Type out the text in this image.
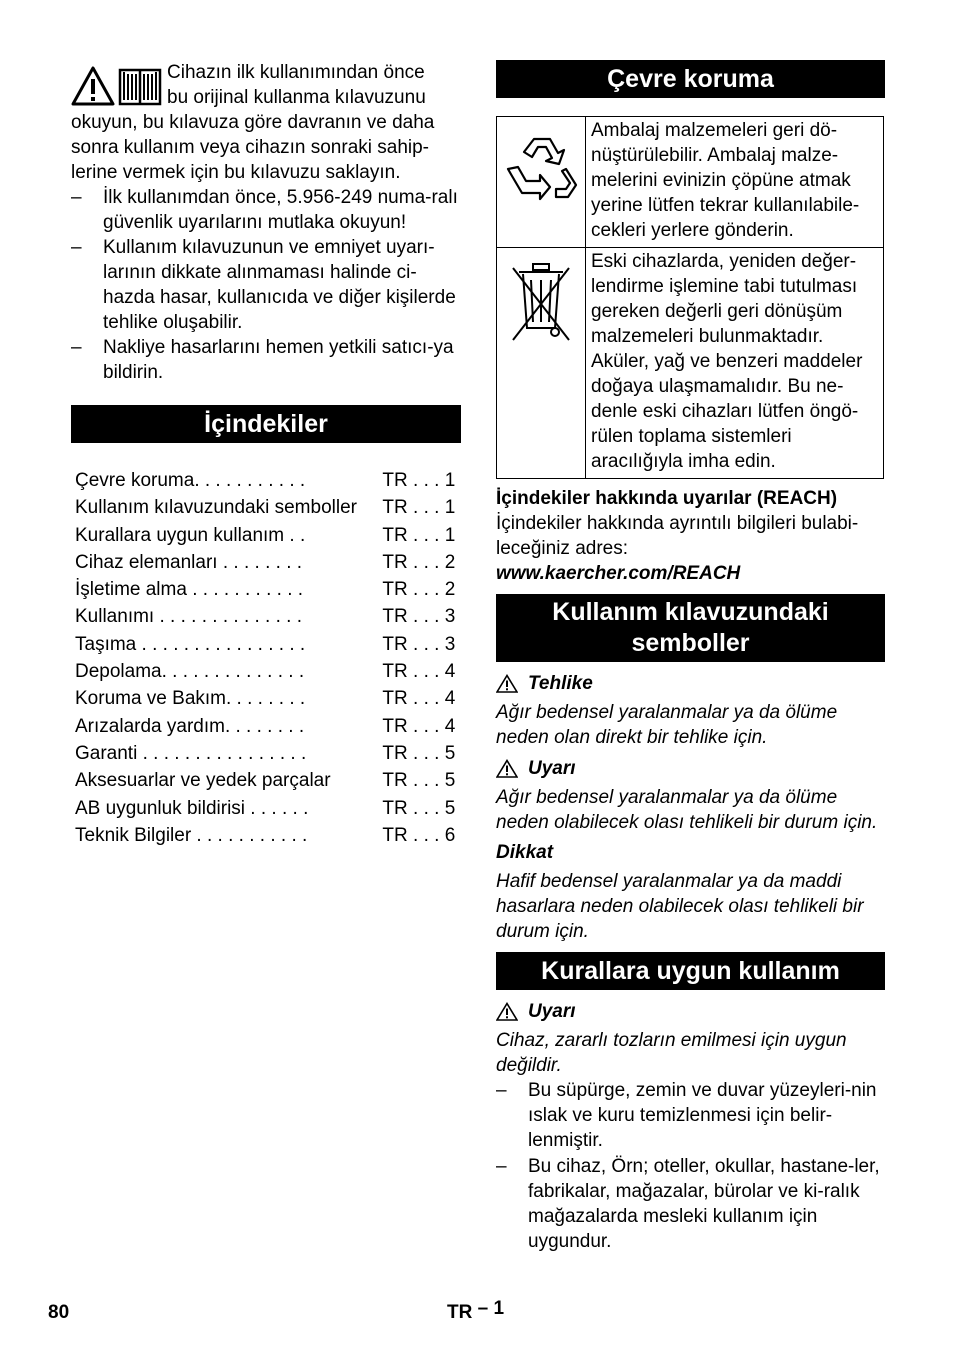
Cihazın ilk kullanımından önce
bu orijinal kullanma kılavuzunu okuyun, bu kılavuza göre davranın ve daha sonra kullanım veya cihazın sonraki sahip-lerine vermek için bu kılavuzu saklayın.

– İlk kullanımdan önce, 5.956-249 numa-ralı güvenlik uyarılarını mutlaka okuyun!
– Kullanım kılavuzunun ve emniyet uyarı-larının dikkate alınmaması halinde ci-hazda hasar, kullanıcıda ve diğer kişilerde tehlike oluşabilir.
– Nakliye hasarlarını hemen yetkili satıcı-ya bildirin.
İçindekiler
Çevre koruma. . . . . . . . . . .	TR . . . 1
Kullanım kılavuzundaki semboller	TR . . . 1
Kurallara uygun kullanım . .	TR . . . 1
Cihaz elemanları . . . . . . . .	TR . . . 2
İşletime alma . . . . . . . . . . .	TR . . . 2
Kullanımı . . . . . . . . . . . . . .	TR . . . 3
Taşıma . . . . . . . . . . . . . . . .	TR . . . 3
Depolama. . . . . . . . . . . . . .	TR . . . 4
Koruma ve Bakım. . . . . . . .	TR . . . 4
Arızalarda yardım. . . . . . . .	TR . . . 4
Garanti . . . . . . . . . . . . . . . .	TR . . . 5
Aksesuarlar ve yedek parçalar	TR . . . 5
AB uygunluk bildirisi . . . . . .	TR . . . 5
Teknik Bilgiler . . . . . . . . . . .	TR . . . 6
Çevre koruma
	Ambalaj malzemeleri geri dö-nüştürülebilir. Ambalaj malze-melerini evinizin çöpüne atmak yerine lütfen tekrar kullanılabile-cekleri yerlere gönderin.

	Eski cihazlarda, yeniden değer-lendirme işlemine tabi tutulması gereken değerli geri dönüşüm malzemeleri bulunmaktadır. Aküler, yağ ve benzeri maddeler doğaya ulaşmamalıdır. Bu ne-denle eski cihazları lütfen öngö-rülen toplama sistemleri aracılığıyla imha edin.
İçindekiler hakkında uyarılar (REACH)
İçindekiler hakkında ayrıntılı bilgileri bulabi-leceğiniz adres:
www.kaercher.com/REACH
Kullanım kılavuzundaki
semboller
Tehlike
Ağır bedensel yaralanmalar ya da ölüme neden olan direkt bir tehlike için.
Uyarı
Ağır bedensel yaralanmalar ya da ölüme neden olabilecek olası tehlikeli bir durum için.
Dikkat
Hafif bedensel yaralanmalar ya da maddi hasarlara neden olabilecek olası tehlikeli bir durum için.
Kurallara uygun kullanım
Uyarı
Cihaz, zararlı tozların emilmesi için uygun değildir.
– Bu süpürge, zemin ve duvar yüzeyleri-nin ıslak ve kuru temizlenmesi için belir-lenmiştir.
– Bu cihaz, Örn; oteller, okullar, hastane-ler, fabrikalar, mağazalar, bürolar ve ki-ralık mağazalarda mesleki kullanım için uygundur.
80	TR – 1
